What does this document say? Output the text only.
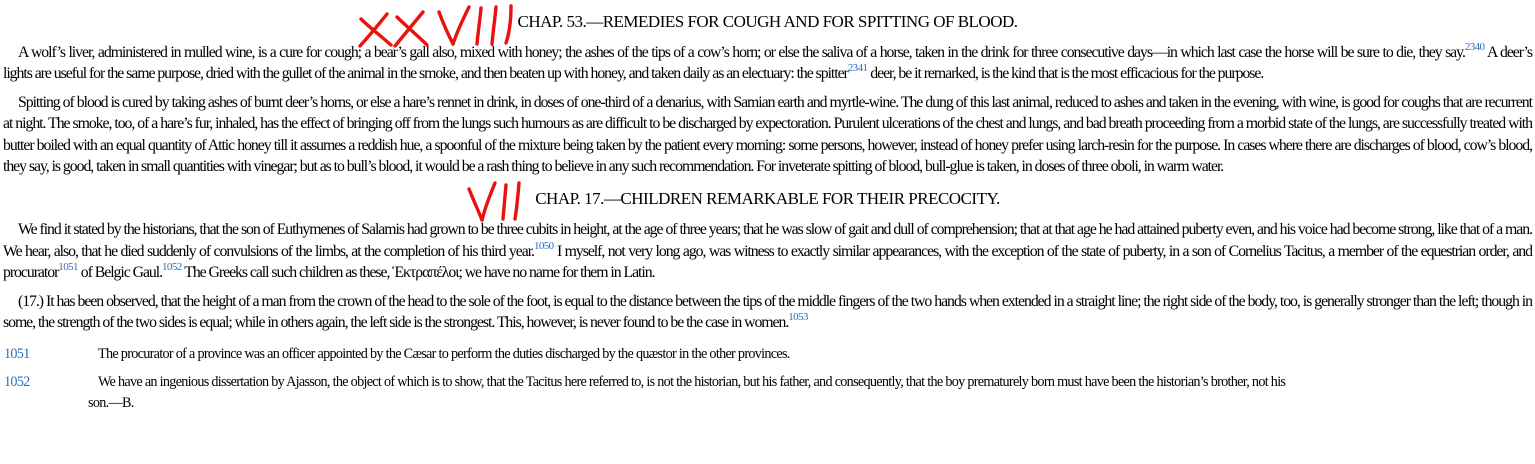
CHAP. 53.—REMEDIES FOR COUGH AND FOR SPITTING OF BLOOD.

A wolf’s liver, administered in mulled wine, is a cure for cough; a bear’s gall also, mixed with honey; the ashes of the tips of a cow’s horn; or else the saliva of a horse, taken in the drink for three consecutive days—in which last case the horse will be sure to die, they say.$^{2340}$ A deer’s lights are useful for the same purpose, dried with the gullet of the animal in the smoke, and then beaten up with honey, and taken daily as an electuary: the spitter$^{2341}$ deer, be it remarked, is the kind that is the most efficacious for the purpose.

Spitting of blood is cured by taking ashes of burnt deer’s horns, or else a hare’s rennet in drink, in doses of one-third of a denarius, with Samian earth and myrtle-wine. The dung of this last animal, reduced to ashes and taken in the evening, with wine, is good for coughs that are recurrent at night. The smoke, too, of a hare’s fur, inhaled, has the effect of bringing off from the lungs such humours as are difficult to be discharged by expectoration. Purulent ulcerations of the chest and lungs, and bad breath proceeding from a morbid state of the lungs, are successfully treated with butter boiled with an equal quantity of Attic honey till it assumes a reddish hue, a spoonful of the mixture being taken by the patient every morning: some persons, however, instead of honey prefer using larch-resin for the purpose. In cases where there are discharges of blood, cow’s blood, they say, is good, taken in small quantities with vinegar; but as to bull’s blood, it would be a rash thing to believe in any such recommendation. For inveterate spitting of blood, bull-glue is taken, in doses of three oboli, in warm water.

CHAP. 17.—CHILDREN REMARKABLE FOR THEIR PRECOCITY.

We find it stated by the historians, that the son of Euthymenes of Salamis had grown to be three cubits in height, at the age of three years; that he was slow of gait and dull of comprehension; that at that age he had attained puberty even, and his voice had become strong, like that of a man. We hear, also, that he died suddenly of convulsions of the limbs, at the completion of his third year.$^{1050}$ I myself, not very long ago, was witness to exactly similar appearances, with the exception of the state of puberty, in a son of Cornelius Tacitus, a member of the equestrian order, and procurator$^{1051}$ of Belgic Gaul.$^{1052}$ The Greeks call such children as these, Ἑκτραπέλοι; we have no name for them in Latin.

(17.) It has been observed, that the height of a man from the crown of the head to the sole of the foot, is equal to the distance between the tips of the middle fingers of the two hands when extended in a straight line; the right side of the body, too, is generally stronger than the left; though in some, the strength of the two sides is equal; while in others again, the left side is the strongest. This, however, is never found to be the case in women.$^{1053}$

1051	The procurator of a province was an officer appointed by the Cæsar to perform the duties discharged by the quæstor in the other provinces.
1052	We have an ingenious dissertation by Ajasson, the object of which is to show, that the Tacitus here referred to, is not the historian, but his father, and consequently, that the boy prematurely born must have been the historian’s brother, not his son.—B.
